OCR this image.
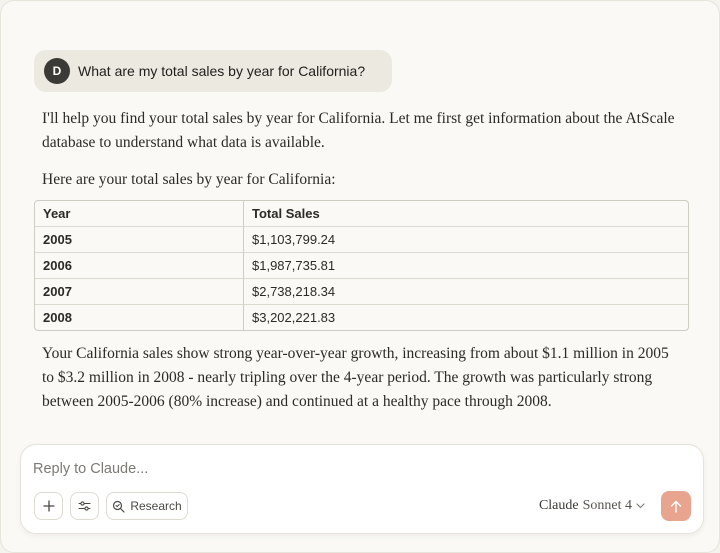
D	What are my total sales by year for California?
I'll help you find your total sales by year for California. Let me first get information about the AtScale database to understand what data is available.
Here are your total sales by year for California:
Year	Total Sales
2005	$1,103,799.24
2006	$1,987,735.81
2007	$2,738,218.34
2008	$3,202,221.83
Your California sales show strong year-over-year growth, increasing from about $1.1 million in 2005 to $3.2 million in 2008 - nearly tripling over the 4-year period. The growth was particularly strong between 2005-2006 (80% increase) and continued at a healthy pace through 2008.
Reply to Claude...
Research	Claude Sonnet 4
